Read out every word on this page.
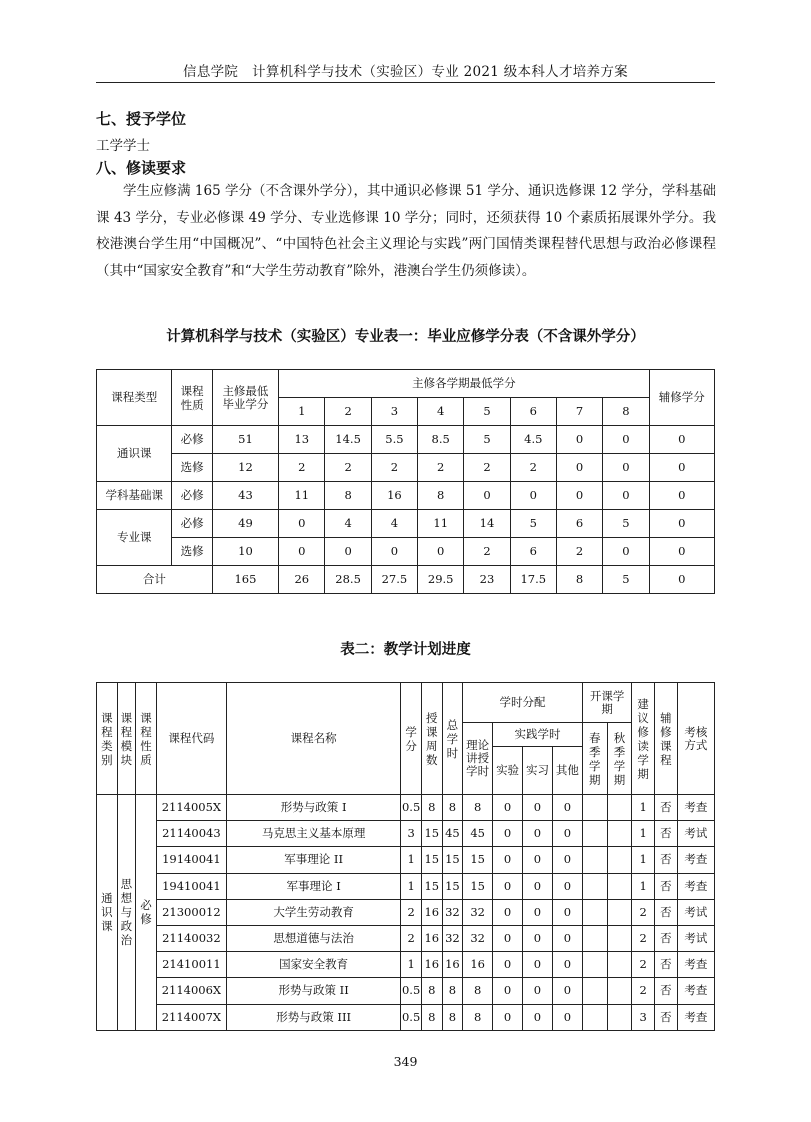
信息学院　计算机科学与技术（实验区）专业 2021 级本科人才培养方案
七、授予学位
工学学士
八、修读要求

学生应修满 165 学分（不含课外学分），其中通识必修课 51 学分、通识选修课 12 学分，学科基础课 43 学分，专业必修课 49 学分、专业选修课 10 学分；同时，还须获得 10 个素质拓展课外学分。我校港澳台学生用“中国概况”、“中国特色社会主义理论与实践”两门国情类课程替代思想与政治必修课程（其中“国家安全教育”和“大学生劳动教育”除外，港澳台学生仍须修读）。

计算机科学与技术（实验区）专业表一：毕业应修学分表（不含课外学分）
课程类型	课程性质	主修最低毕业学分	主修各学期最低学分								辅修学分
			1	2	3	4	5	6	7	8	
通识课	必修	51	13	14.5	5.5	8.5	5	4.5	0	0	0
	选修	12	2	2	2	2	2	2	0	0	0
学科基础课	必修	43	11	8	16	8	0	0	0	0	0
专业课	必修	49	0	4	4	11	14	5	6	5	0
	选修	10	0	0	0	0	2	6	2	0	0
合计		165	26	28.5	27.5	29.5	23	17.5	8	5	0
表二：教学计划进度
课程类别	课程模块	课程性质	课程代码	课程名称	学分	授课周数	总学时	学时分配				开课学期		建议修读学期	辅修课程	考核方式

								理论讲授学时	实践学时			春季学期	秋季学期			
									实验	实习	其他					
通识课	思想与政治	必修	2114005X	形势与政策 I	0.5	8	8	8	0	0	0			1	否	考查
			21140043	马克思主义基本原理	3	15	45	45	0	0	0			1	否	考试
			19140041	军事理论 II	1	15	15	15	0	0	0			1	否	考查
			19410041	军事理论 I	1	15	15	15	0	0	0			1	否	考查
			21300012	大学生劳动教育	2	16	32	32	0	0	0			2	否	考试
			21140032	思想道德与法治	2	16	32	32	0	0	0			2	否	考试
			21410011	国家安全教育	1	16	16	16	0	0	0			2	否	考查
			2114006X	形势与政策 II	0.5	8	8	8	0	0	0			2	否	考查
			2114007X	形势与政策 III	0.5	8	8	8	0	0	0			3	否	考查
349
